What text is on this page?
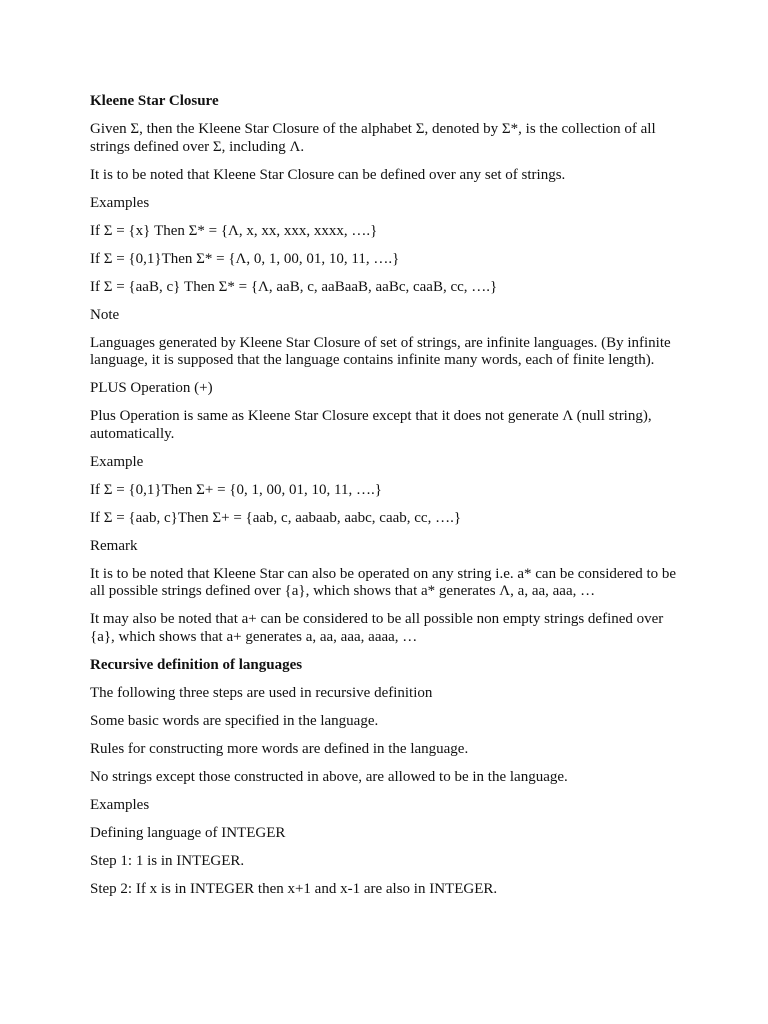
Kleene Star Closure

Given Σ, then the Kleene Star Closure of the alphabet Σ, denoted by Σ*, is the collection of all strings defined over Σ, including Λ.

It is to be noted that Kleene Star Closure can be defined over any set of strings.

Examples

If Σ = {x} Then Σ* = {Λ, x, xx, xxx, xxxx, ….}

If Σ = {0,1}Then Σ* = {Λ, 0, 1, 00, 01, 10, 11, ….}

If Σ = {aaB, c} Then Σ* = {Λ, aaB, c, aaBaaB, aaBc, caaB, cc, ….}

Note

Languages generated by Kleene Star Closure of set of strings, are infinite languages. (By infinite language, it is supposed that the language contains infinite many words, each of finite length).

PLUS Operation (+)

Plus Operation is same as Kleene Star Closure except that it does not generate Λ (null string), automatically.

Example

If Σ = {0,1}Then Σ+ = {0, 1, 00, 01, 10, 11, ….}

If Σ = {aab, c}Then Σ+ = {aab, c, aabaab, aabc, caab, cc, ….}

Remark

It is to be noted that Kleene Star can also be operated on any string i.e. a* can be considered to be all possible strings defined over {a}, which shows that a* generates Λ, a, aa, aaa, …

It may also be noted that a+ can be considered to be all possible non empty strings defined over {a}, which shows that a+ generates a, aa, aaa, aaaa, …

Recursive definition of languages

The following three steps are used in recursive definition

Some basic words are specified in the language.

Rules for constructing more words are defined in the language.

No strings except those constructed in above, are allowed to be in the language.

Examples

Defining language of INTEGER

Step 1: 1 is in INTEGER.

Step 2: If x is in INTEGER then x+1 and x-1 are also in INTEGER.
